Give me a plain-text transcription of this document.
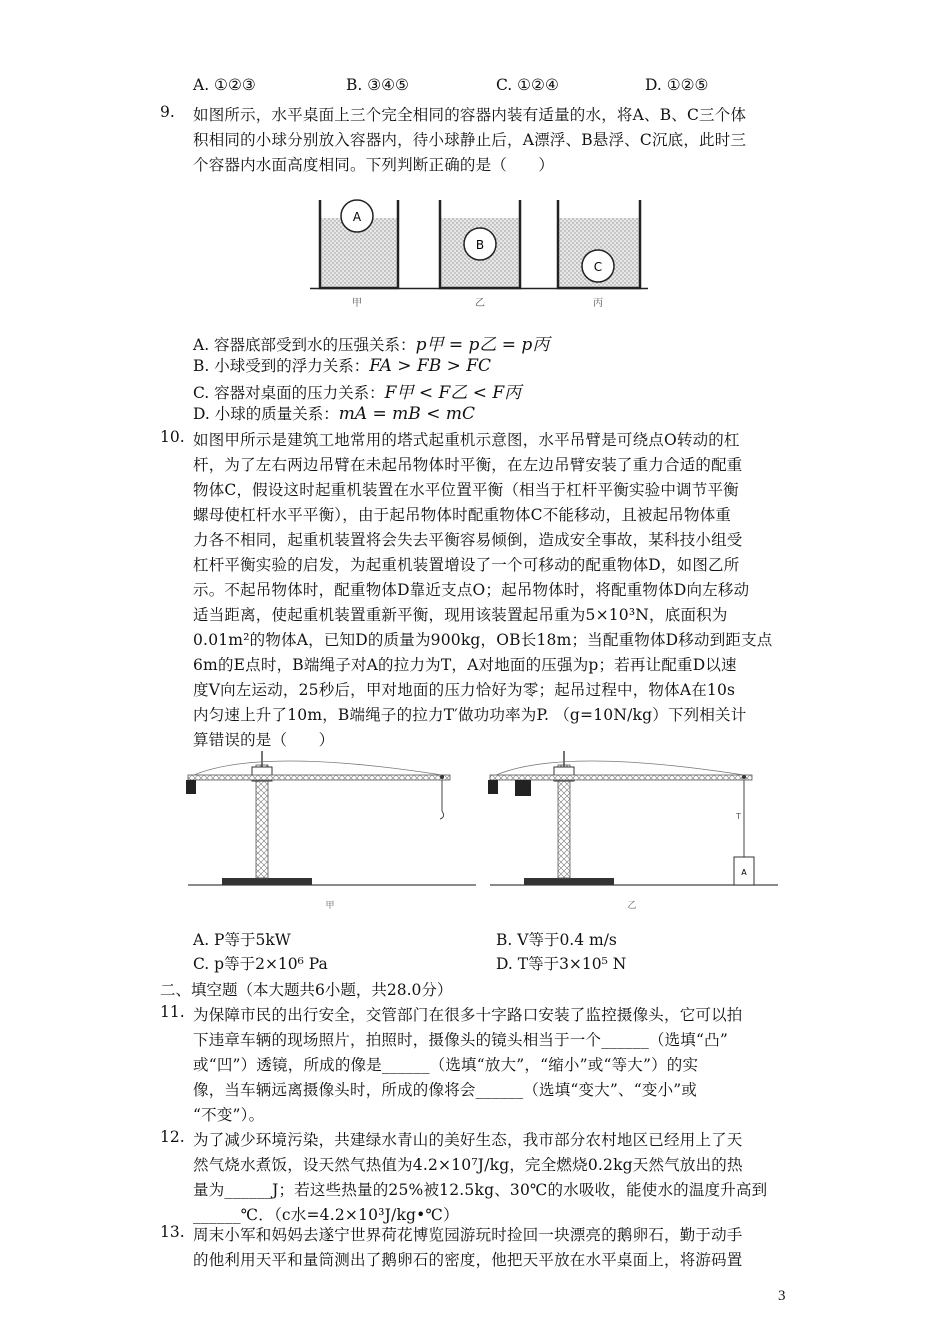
A. ①②③	B. ③④⑤	C. ①②④	D. ①②⑤
9. 如图所示，水平桌面上三个完全相同的容器内装有适量的水，将A、B、C三个体
积相同的小球分别放入容器内，待小球静止后，A漂浮、B悬浮、C沉底，此时三
个容器内水面高度相同。下列判断正确的是（　　）
A
B
C
甲	乙	丙
A. 容器底部受到水的压强关系：p甲 = p乙 = p丙
B. 小球受到的浮力关系：FA > FB > FC
C. 容器对桌面的压力关系：F甲 < F乙 < F丙
D. 小球的质量关系：mA = mB < mC
10. 如图甲所示是建筑工地常用的塔式起重机示意图，水平吊臂是可绕点O转动的杠
杆，为了左右两边吊臂在未起吊物体时平衡，在左边吊臂安装了重力合适的配重
物体C，假设这时起重机装置在水平位置平衡（相当于杠杆平衡实验中调节平衡
螺母使杠杆水平平衡），由于起吊物体时配重物体C不能移动，且被起吊物体重
力各不相同，起重机装置将会失去平衡容易倾倒，造成安全事故，某科技小组受
杠杆平衡实验的启发，为起重机装置增设了一个可移动的配重物体D，如图乙所
示。不起吊物体时，配重物体D靠近支点O；起吊物体时，将配重物体D向左移动
适当距离，使起重机装置重新平衡，现用该装置起吊重为5×10³N，底面积为
0.01m²的物体A，已知D的质量为900kg，OB长18m；当配重物体D移动到距支点
6m的E点时，B端绳子对A的拉力为T，A对地面的压强为p；若再让配重D以速
度V向左运动，25秒后，甲对地面的压力恰好为零；起吊过程中，物体A在10s
内匀速上升了10m，B端绳子的拉力T′做功功率为P. （g=10N/kg）下列相关计
算错误的是（　　）
T
A
甲	乙
A. P等于5kW	B. V等于0.4 m/s
C. p等于2×10⁶ Pa	D. T等于3×10⁵ N
二、填空题（本大题共6小题，共28.0分）
11. 为保障市民的出行安全，交管部门在很多十字路口安装了监控摄像头，它可以拍
下违章车辆的现场照片，拍照时，摄像头的镜头相当于一个______（选填“凸”
或“凹”）透镜，所成的像是______（选填“放大”，“缩小”或“等大”）的实
像，当车辆远离摄像头时，所成的像将会______（选填“变大”、“变小”或
“不变”）。
12. 为了减少环境污染，共建绿水青山的美好生态，我市部分农村地区已经用上了天
然气烧水煮饭，设天然气热值为4.2×10⁷J/kg，完全燃烧0.2kg天然气放出的热
量为______J；若这些热量的25%被12.5kg、30℃的水吸收，能使水的温度升高到
______℃．（c水=4.2×10³J/kg•℃）
13. 周末小军和妈妈去遂宁世界荷花博览园游玩时捡回一块漂亮的鹅卵石，勤于动手
的他利用天平和量筒测出了鹅卵石的密度，他把天平放在水平桌面上，将游码置
3
